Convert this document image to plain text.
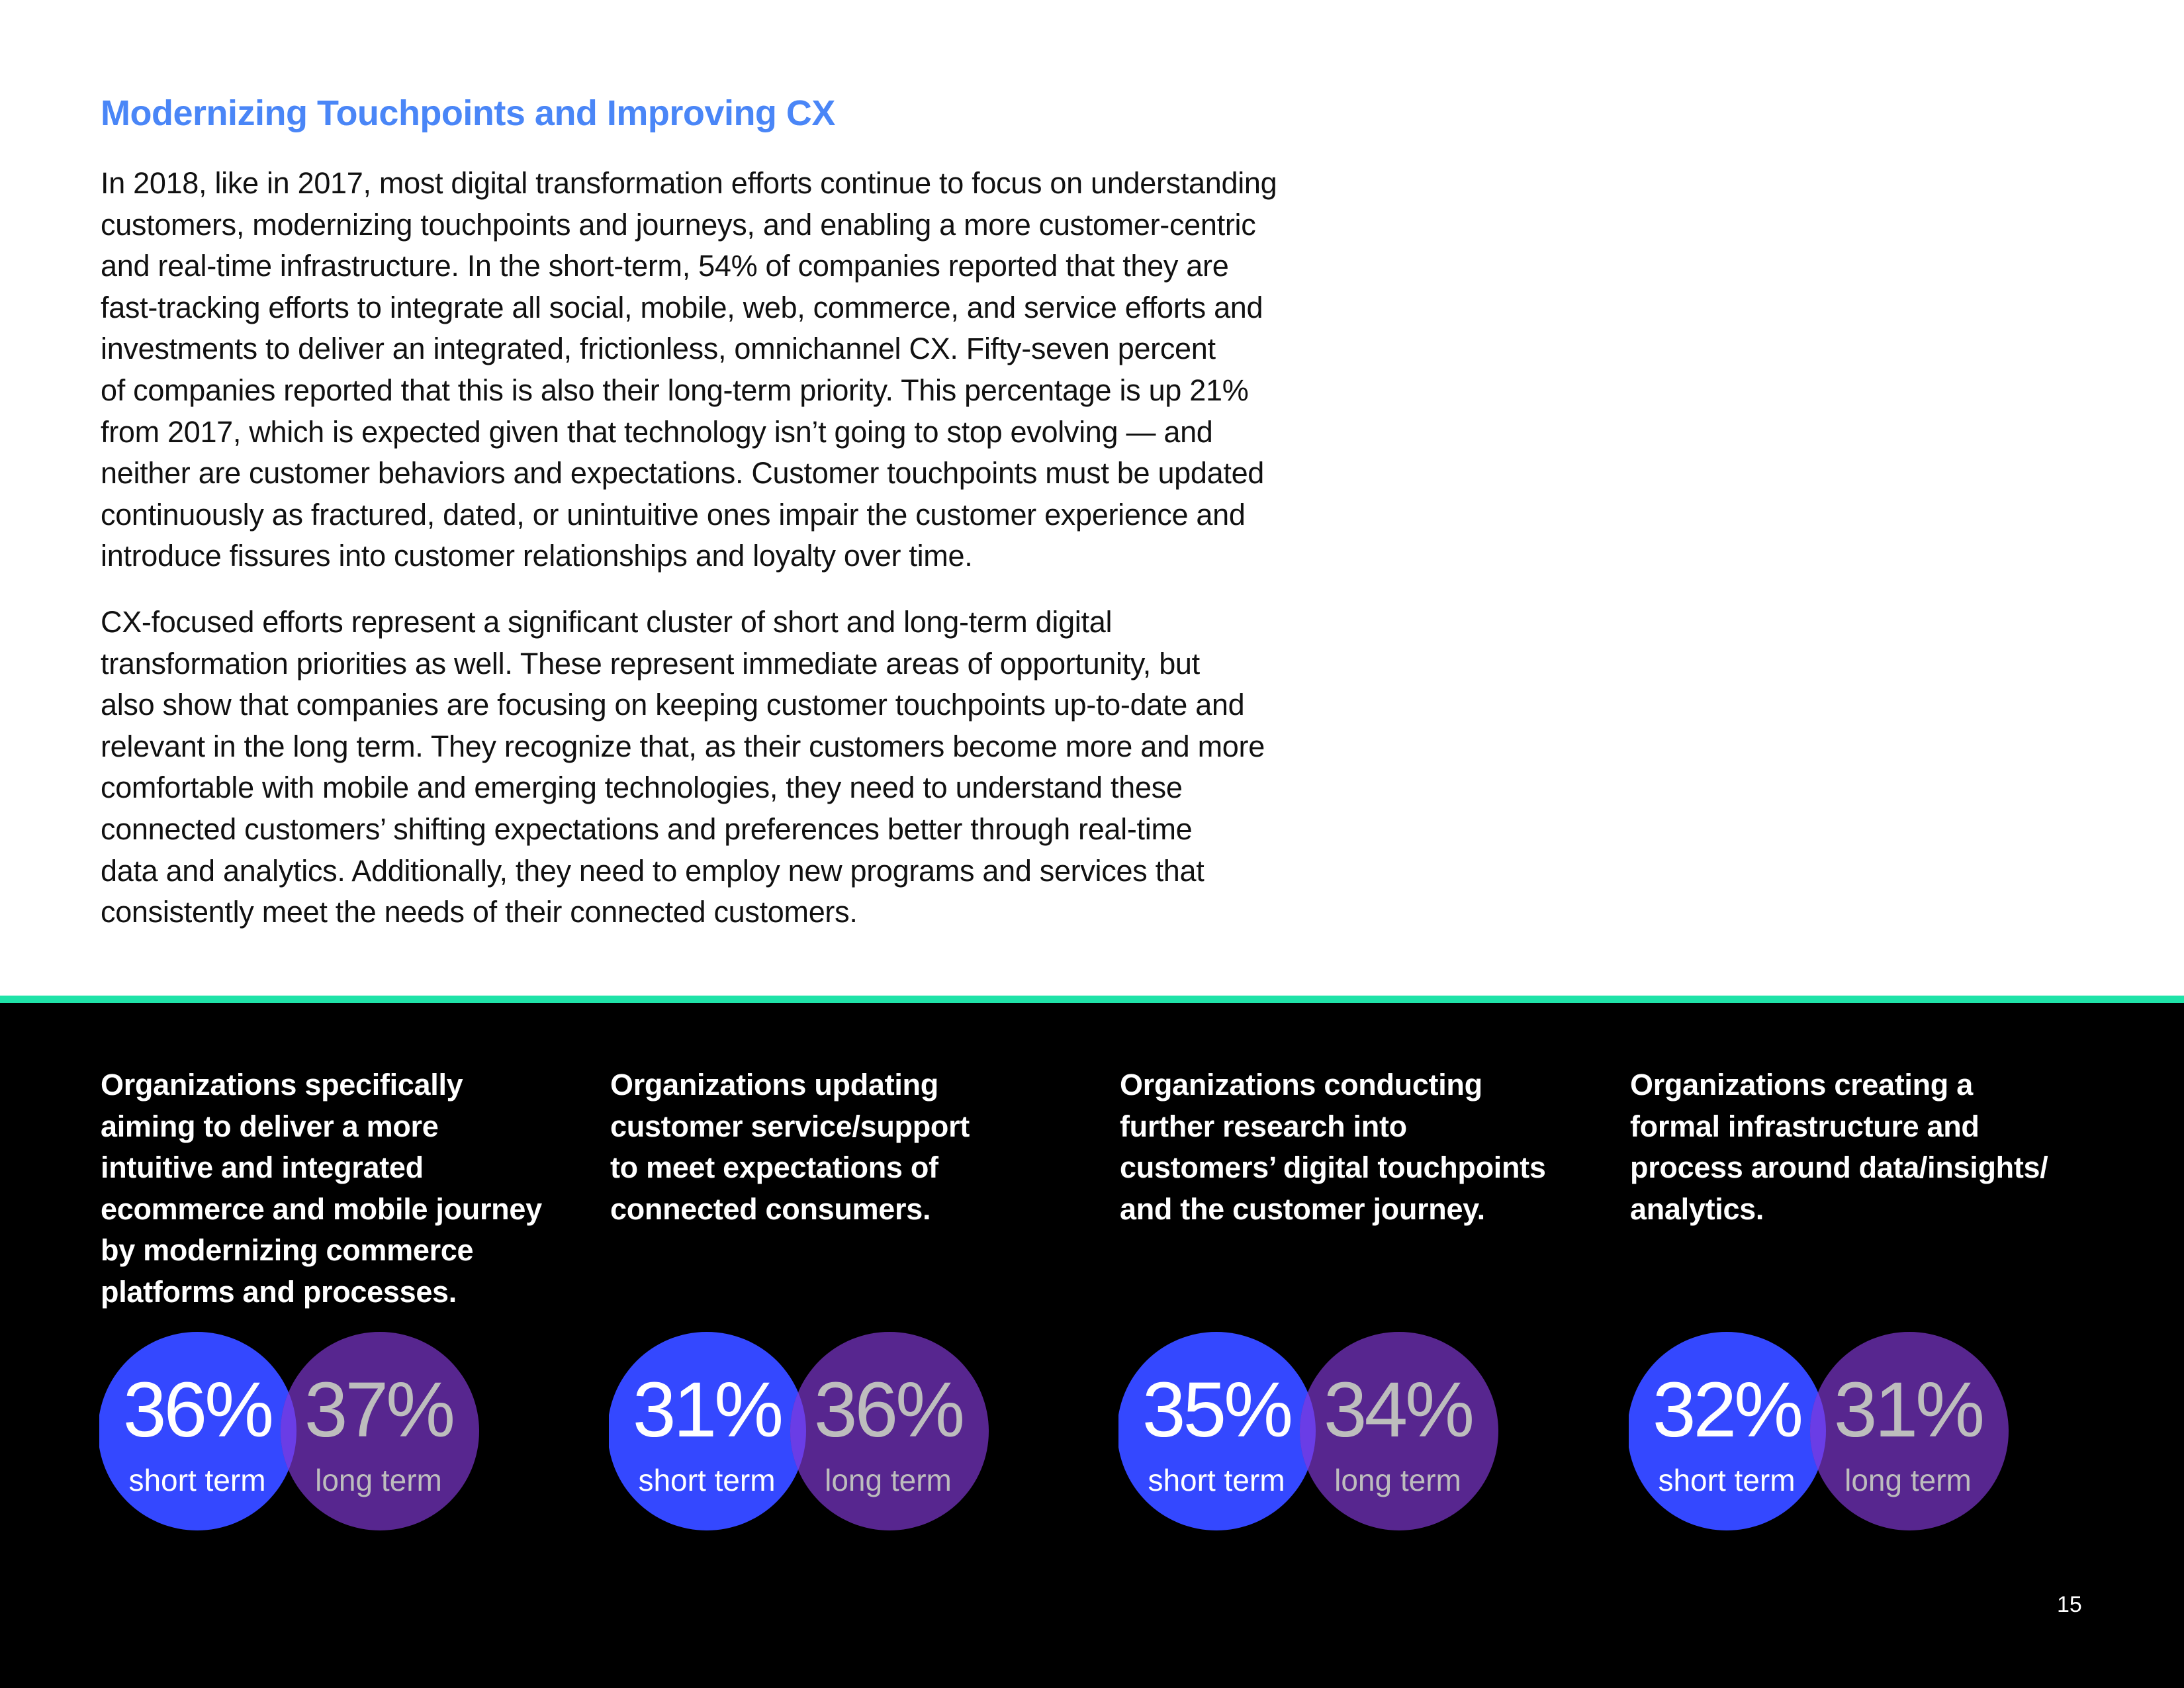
Modernizing Touchpoints and Improving CX
In 2018, like in 2017, most digital transformation efforts continue to focus on understanding
customers, modernizing touchpoints and journeys, and enabling a more customer-centric
and real-time infrastructure. In the short-term, 54% of companies reported that they are
fast-tracking efforts to integrate all social, mobile, web, commerce, and service efforts and
investments to deliver an integrated, frictionless, omnichannel CX. Fifty-seven percent
of companies reported that this is also their long-term priority. This percentage is up 21%
from 2017, which is expected given that technology isn’t going to stop evolving — and
neither are customer behaviors and expectations. Customer touchpoints must be updated
continuously as fractured, dated, or unintuitive ones impair the customer experience and
introduce fissures into customer relationships and loyalty over time.
CX-focused efforts represent a significant cluster of short and long-term digital
transformation priorities as well. These represent immediate areas of opportunity, but
also show that companies are focusing on keeping customer touchpoints up-to-date and
relevant in the long term. They recognize that, as their customers become more and more
comfortable with mobile and emerging technologies, they need to understand these
connected customers’ shifting expectations and preferences better through real-time
data and analytics. Additionally, they need to employ new programs and services that
consistently meet the needs of their connected customers.
Organizations specifically
aiming to deliver a more
intuitive and integrated
ecommerce and mobile journey
by modernizing commerce
platforms and processes.
36%
short term
37%
long term
Organizations updating
customer service/support
to meet expectations of
connected consumers.
31%
short term
36%
long term
Organizations conducting
further research into
customers’ digital touchpoints
and the customer journey.
35%
short term
34%
long term
Organizations creating a
formal infrastructure and
process around data/insights/
analytics.
32%
short term
31%
long term
15
